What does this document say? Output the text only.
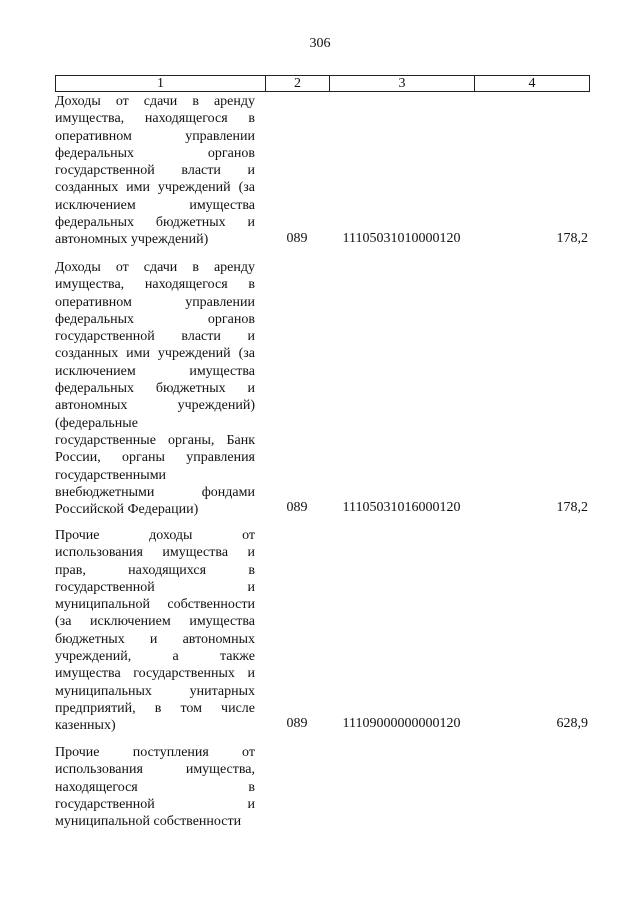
306
1	2	3	4
Доходы от сдачи в аренду
имущества, находящегося в
оперативном управлении
федеральных органов
государственной власти и
созданных ими учреждений (за
исключением имущества
федеральных бюджетных и
автономных учреждений)	089	11105031010000120	178,2
Доходы от сдачи в аренду
имущества, находящегося в
оперативном управлении
федеральных органов
государственной власти и
созданных ими учреждений (за
исключением имущества
федеральных бюджетных и
автономных учреждений)
(федеральные
государственные органы, Банк
России, органы управления
государственными
внебюджетными фондами
Российской Федерации)	089	11105031016000120	178,2
Прочие доходы от
использования имущества и
прав, находящихся в
государственной и
муниципальной собственности
(за исключением имущества
бюджетных и автономных
учреждений, а также
имущества государственных и
муниципальных унитарных
предприятий, в том числе
казенных)	089	11109000000000120	628,9
Прочие поступления от
использования имущества,
находящегося в
государственной и
муниципальной собственности
